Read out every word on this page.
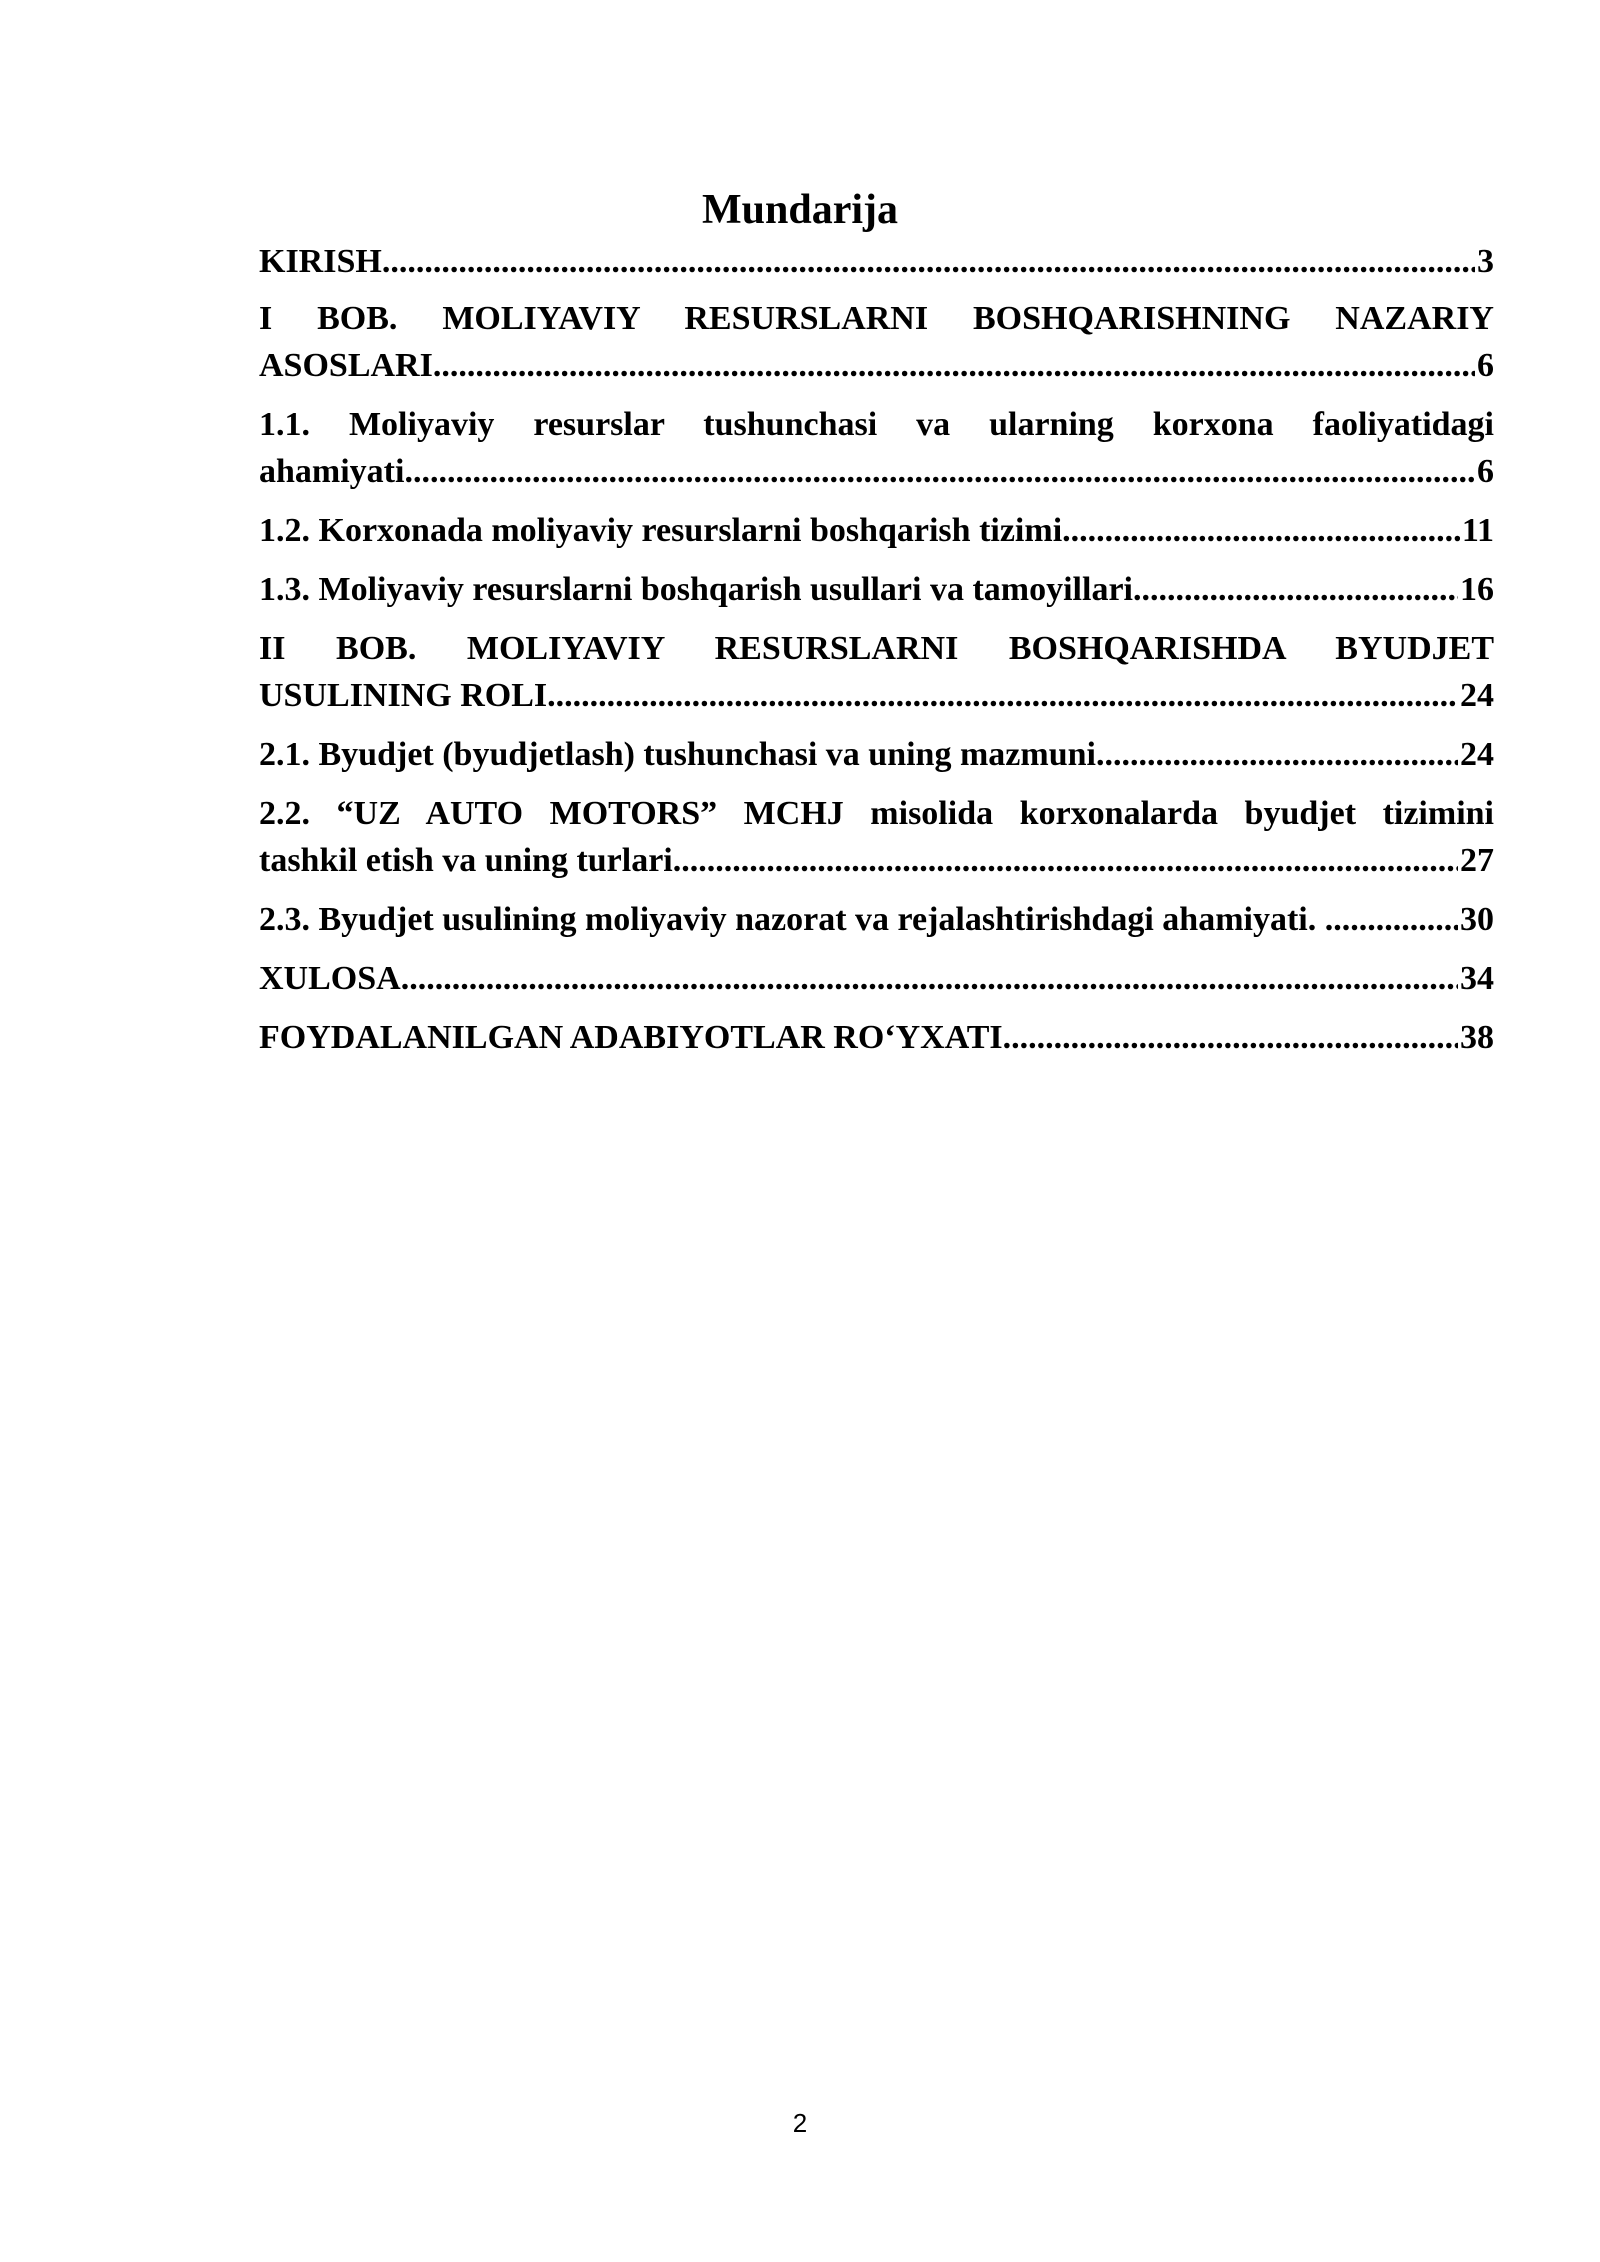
Mundarija
KIRISH .....	3
I BOB. MOLIYAVIY RESURSLARNI BOSHQARISHNING NAZARIY
ASOSLARI .....	6
1.1. Moliyaviy resurslar tushunchasi va ularning korxona faoliyatidagi
ahamiyati .....	6
1.2. Korxonada moliyaviy resurslarni boshqarish tizimi .....	11
1.3. Moliyaviy resurslarni boshqarish usullari va tamoyillari .....	16
II BOB. MOLIYAVIY RESURSLARNI BOSHQARISHDA BYUDJET
USULINING ROLI .....	24
2.1. Byudjet (byudjetlash) tushunchasi va uning mazmuni .....	24
2.2. “UZ AUTO MOTORS” MCHJ misolida korxonalarda byudjet tizimini
tashkil etish va uning turlari .....	27
2.3. Byudjet usulining moliyaviy nazorat va rejalashtirishdagi ahamiyati. .....	30
XULOSA .....	34
FOYDALANILGAN ADABIYOTLAR RO‘YXATI .....	38
2
